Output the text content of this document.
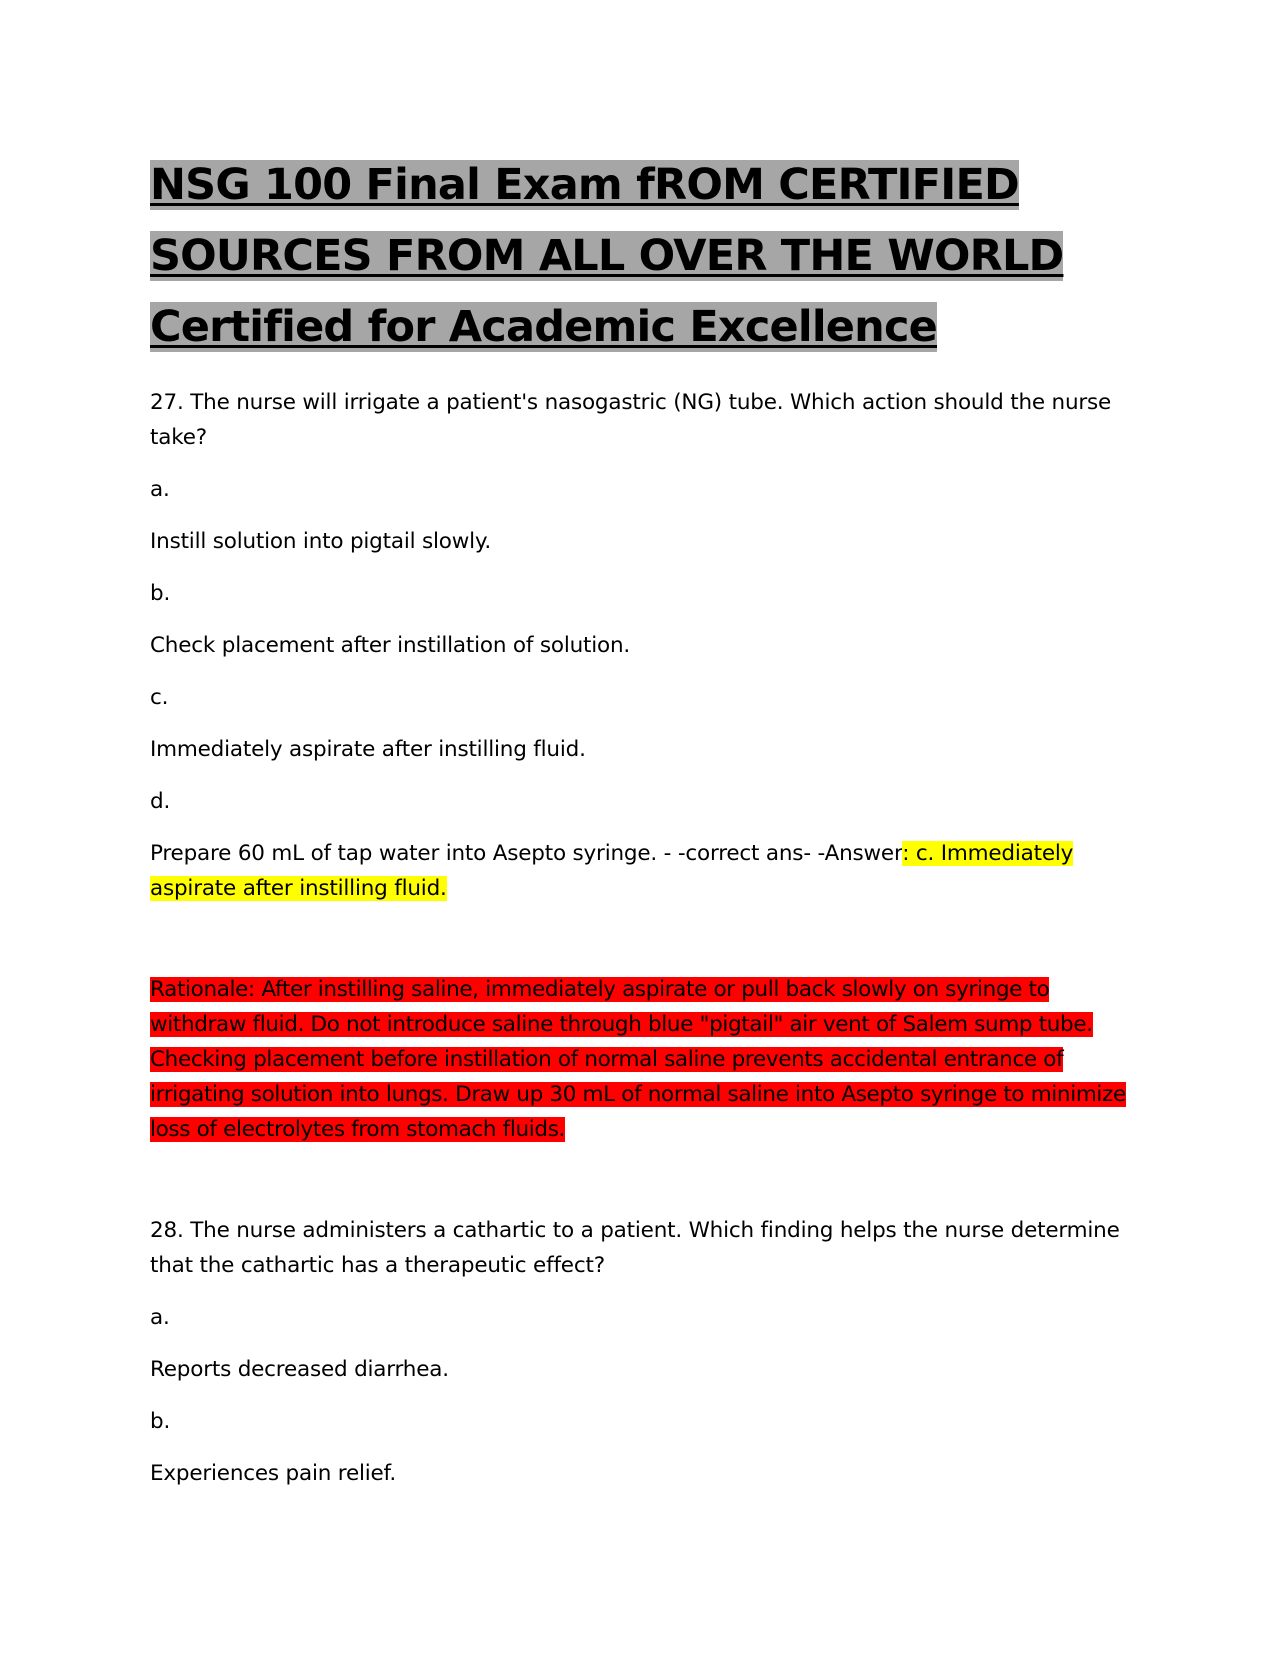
NSG 100 Final Exam fROM CERTIFIED
SOURCES FROM ALL OVER THE WORLD
Certified for Academic Excellence

27. The nurse will irrigate a patient's nasogastric (NG) tube. Which action should the nurse take?

a.

Instill solution into pigtail slowly.

b.

Check placement after instillation of solution.

c.

Immediately aspirate after instilling fluid.

d.

Prepare 60 mL of tap water into Asepto syringe. - -correct ans- -Answer: c. Immediately aspirate after instilling fluid.

Rationale: After instilling saline, immediately aspirate or pull back slowly on syringe to withdraw fluid. Do not introduce saline through blue "pigtail" air vent of Salem sump tube. Checking placement before instillation of normal saline prevents accidental entrance of irrigating solution into lungs. Draw up 30 mL of normal saline into Asepto syringe to minimize loss of electrolytes from stomach fluids.

28. The nurse administers a cathartic to a patient. Which finding helps the nurse determine that the cathartic has a therapeutic effect?

a.

Reports decreased diarrhea.

b.

Experiences pain relief.
